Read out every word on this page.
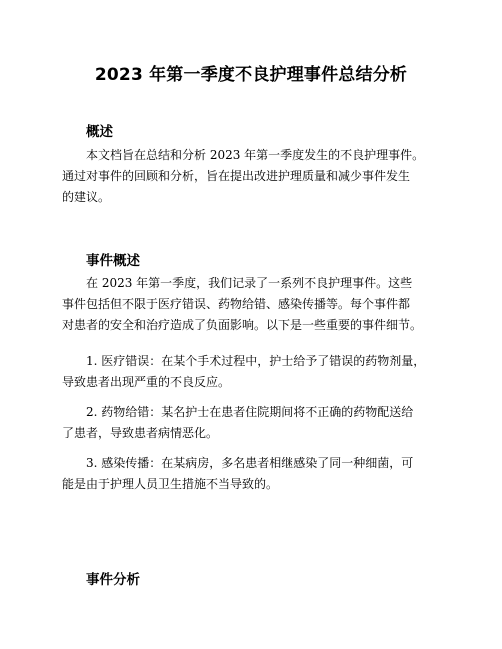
2023 年第一季度不良护理事件总结分析
概述
本文档旨在总结和分析 2023 年第一季度发生的不良护理事件。
通过对事件的回顾和分析，旨在提出改进护理质量和减少事件发生
的建议。
事件概述
在 2023 年第一季度，我们记录了一系列不良护理事件。这些
事件包括但不限于医疗错误、药物给错、感染传播等。每个事件都
对患者的安全和治疗造成了负面影响。以下是一些重要的事件细节。
1. 医疗错误：在某个手术过程中，护士给予了错误的药物剂量，
导致患者出现严重的不良反应。
2. 药物给错：某名护士在患者住院期间将不正确的药物配送给
了患者，导致患者病情恶化。
3. 感染传播：在某病房，多名患者相继感染了同一种细菌，可
能是由于护理人员卫生措施不当导致的。
事件分析
